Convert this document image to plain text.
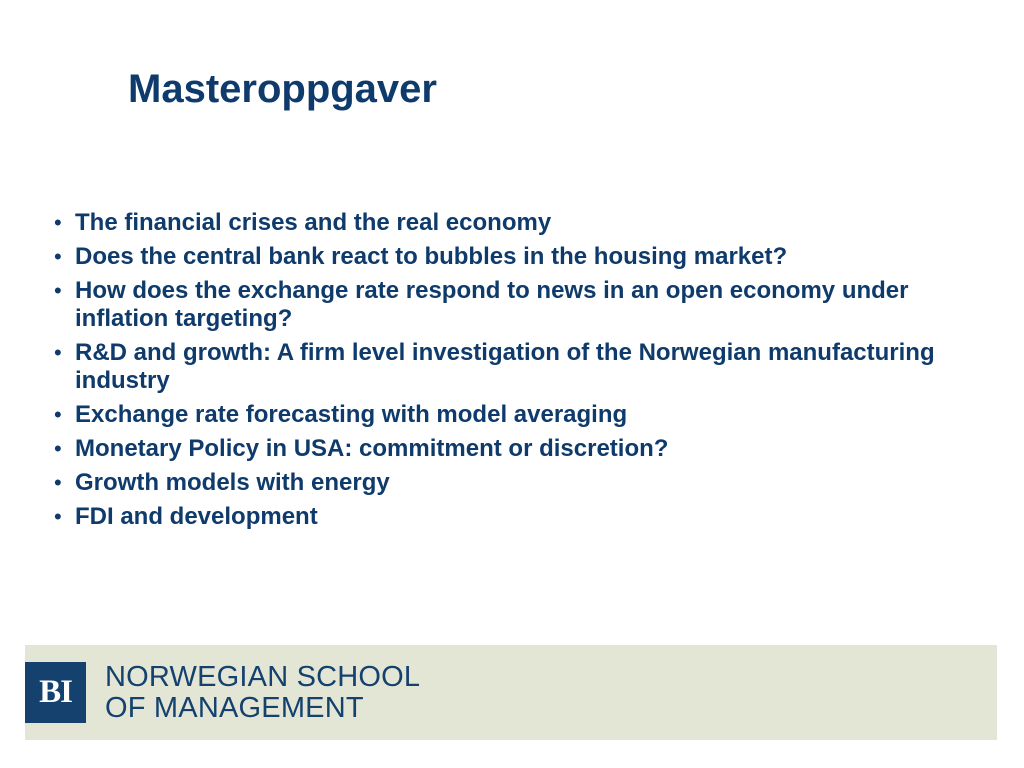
Masteroppgaver
• The financial crises and the real economy
• Does the central bank react to bubbles in the housing market?
• How does the exchange rate respond to news in an open economy under inflation targeting?
• R&D and growth: A firm level investigation of the Norwegian manufacturing industry
• Exchange rate forecasting with model averaging
• Monetary Policy in USA: commitment or discretion?
• Growth models with energy
• FDI and development
BI	NORWEGIAN SCHOOL
OF MANAGEMENT
